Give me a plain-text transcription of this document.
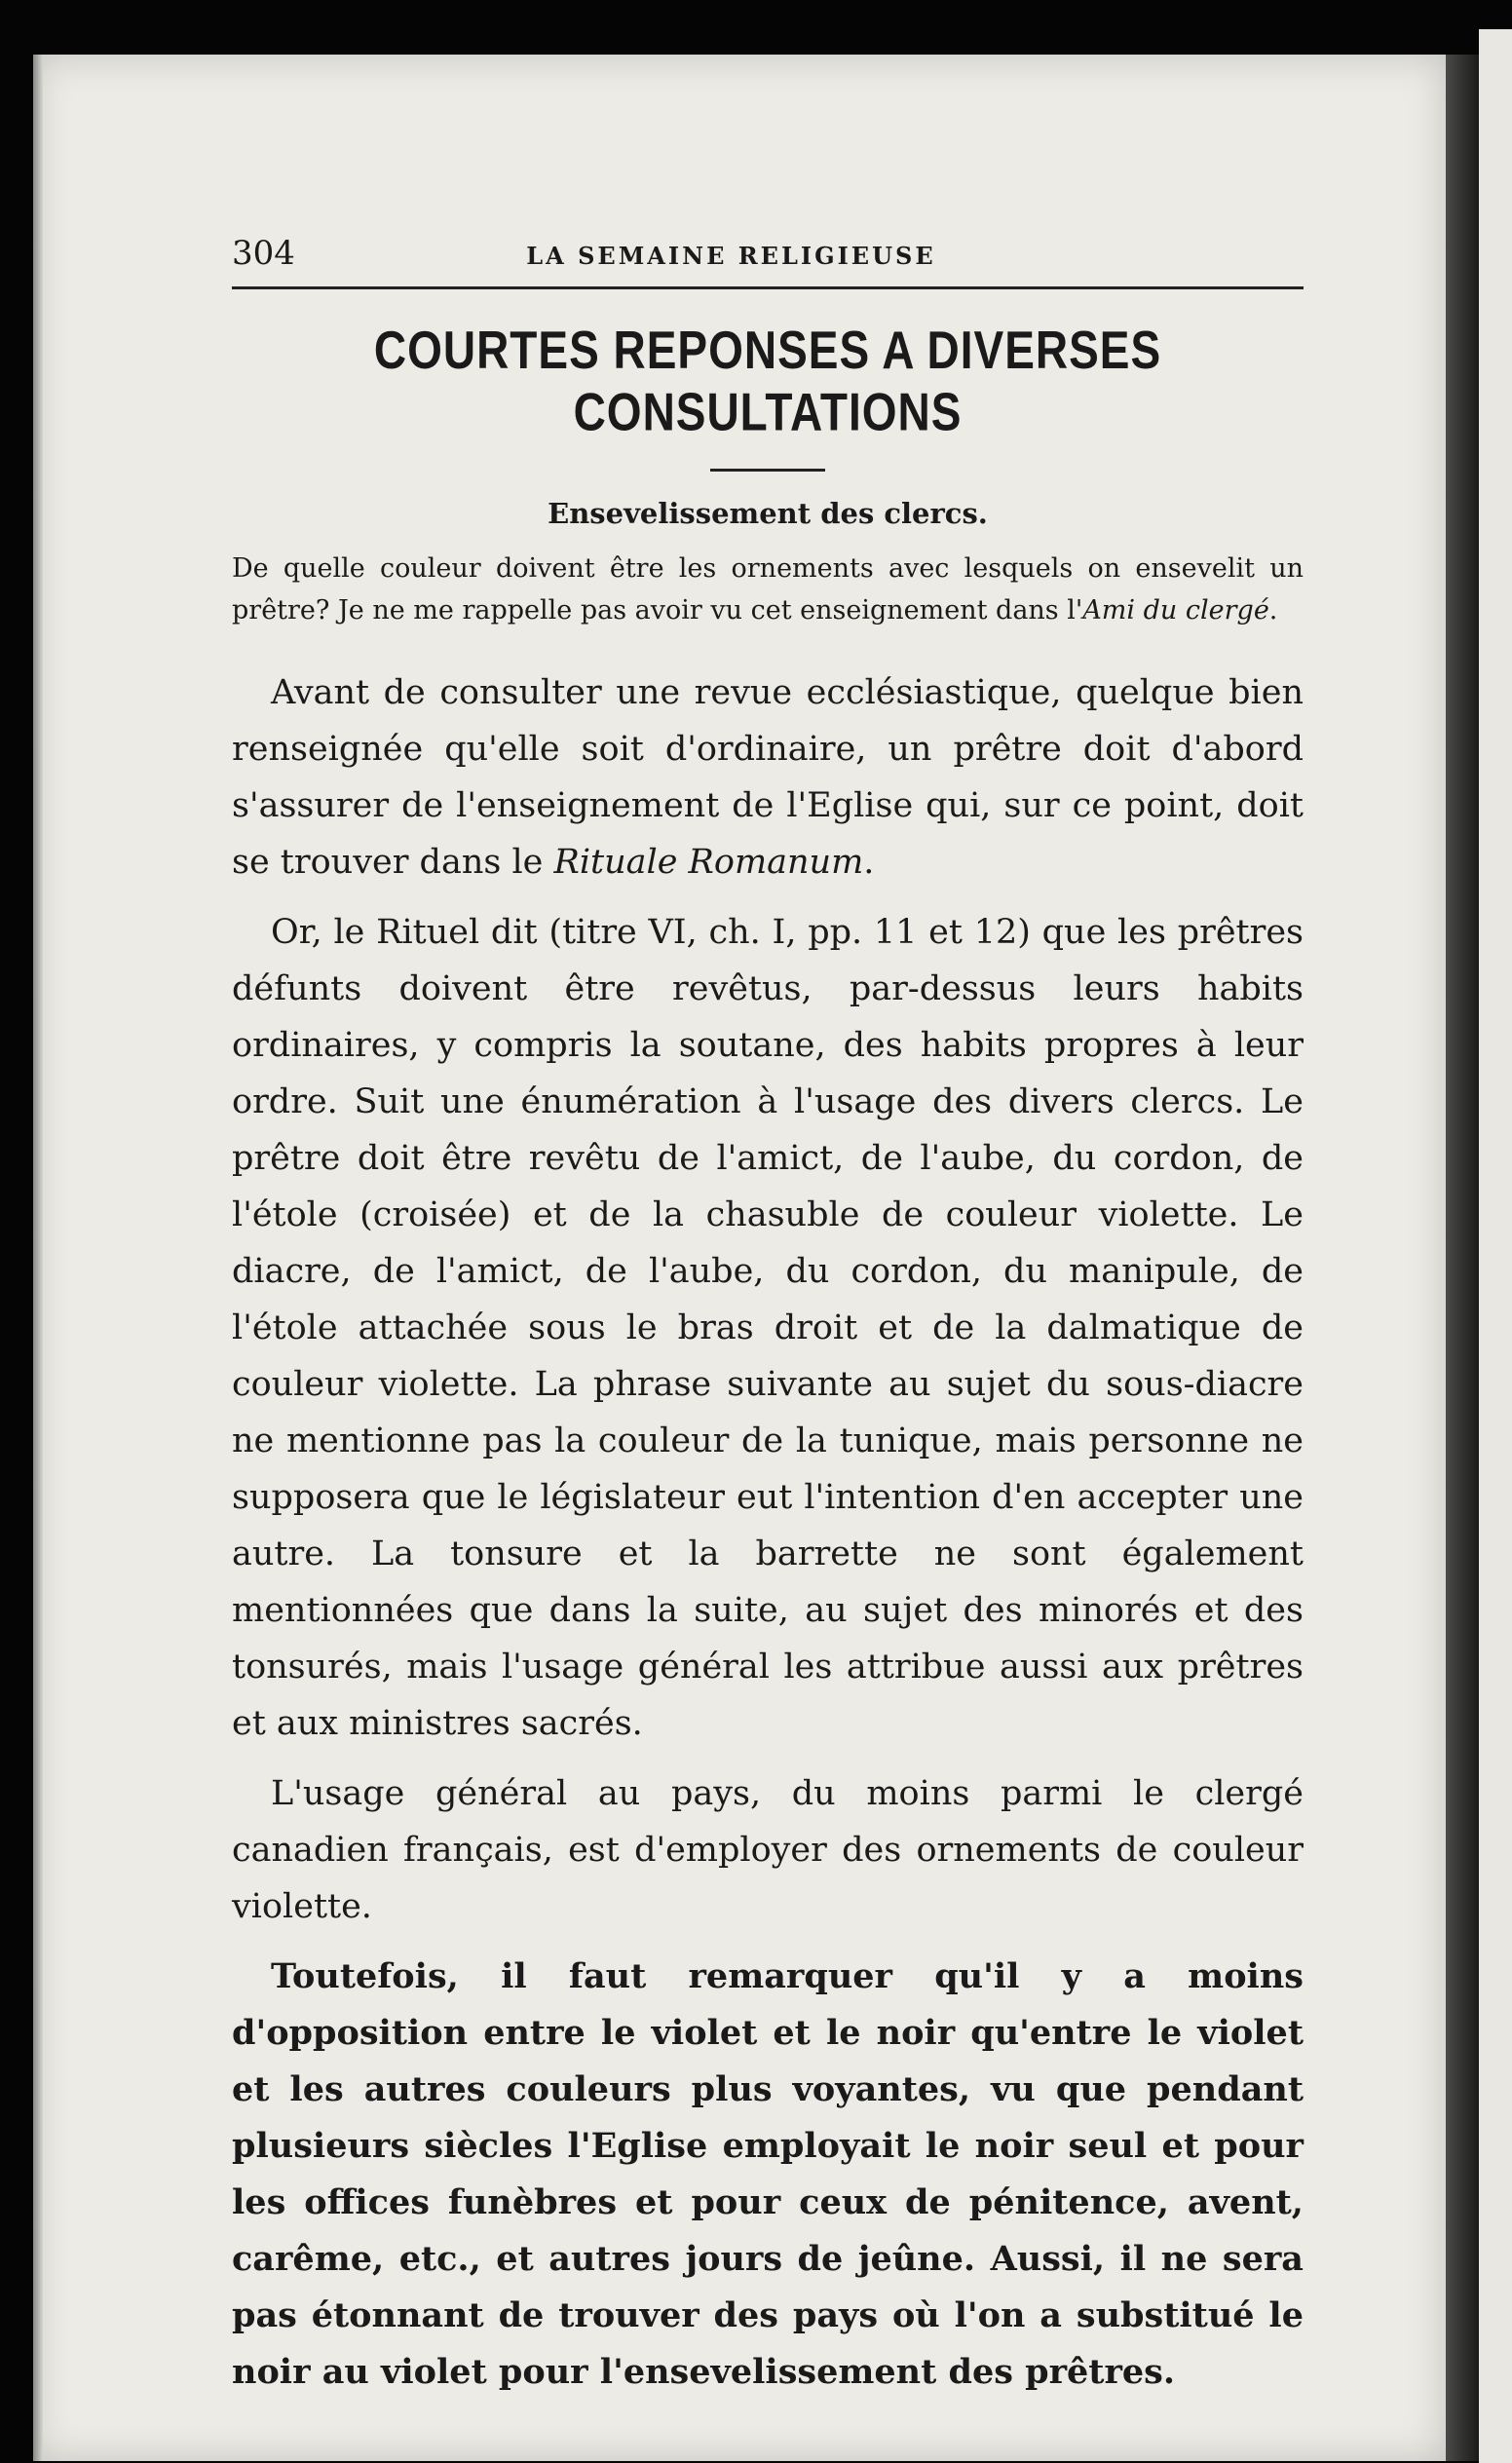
304	LA SEMAINE RELIGIEUSE
COURTES REPONSES A DIVERSES CONSULTATIONS
Ensevelissement des clercs.

De quelle couleur doivent être les ornements avec lesquels on ensevelit un prêtre? Je ne me rappelle pas avoir vu cet enseignement dans l'Ami du clergé.

Avant de consulter une revue ecclésiastique, quelque bien renseignée qu'elle soit d'ordinaire, un prêtre doit d'abord s'assurer de l'enseignement de l'Eglise qui, sur ce point, doit se trouver dans le Rituale Romanum.

Or, le Rituel dit (titre VI, ch. I, pp. 11 et 12) que les prêtres défunts doivent être revêtus, par-dessus leurs habits ordinaires, y compris la soutane, des habits propres à leur ordre. Suit une énumération à l'usage des divers clercs. Le prêtre doit être revêtu de l'amict, de l'aube, du cordon, de l'étole (croisée) et de la chasuble de couleur violette. Le diacre, de l'amict, de l'aube, du cordon, du manipule, de l'étole attachée sous le bras droit et de la dalmatique de couleur violette. La phrase suivante au sujet du sous-diacre ne mentionne pas la couleur de la tunique, mais personne ne supposera que le législateur eut l'intention d'en accepter une autre. La tonsure et la barrette ne sont également mentionnées que dans la suite, au sujet des minorés et des tonsurés, mais l'usage général les attribue aussi aux prêtres et aux ministres sacrés.

L'usage général au pays, du moins parmi le clergé canadien français, est d'employer des ornements de couleur violette.

Toutefois, il faut remarquer qu'il y a moins d'opposition entre le violet et le noir qu'entre le violet et les autres couleurs plus voyantes, vu que pendant plusieurs siècles l'Eglise employait le noir seul et pour les offices funèbres et pour ceux de pénitence, avent, carême, etc., et autres jours de jeûne. Aussi, il ne sera pas étonnant de trouver des pays où l'on a substitué le noir au violet pour l'ensevelissement des prêtres.
